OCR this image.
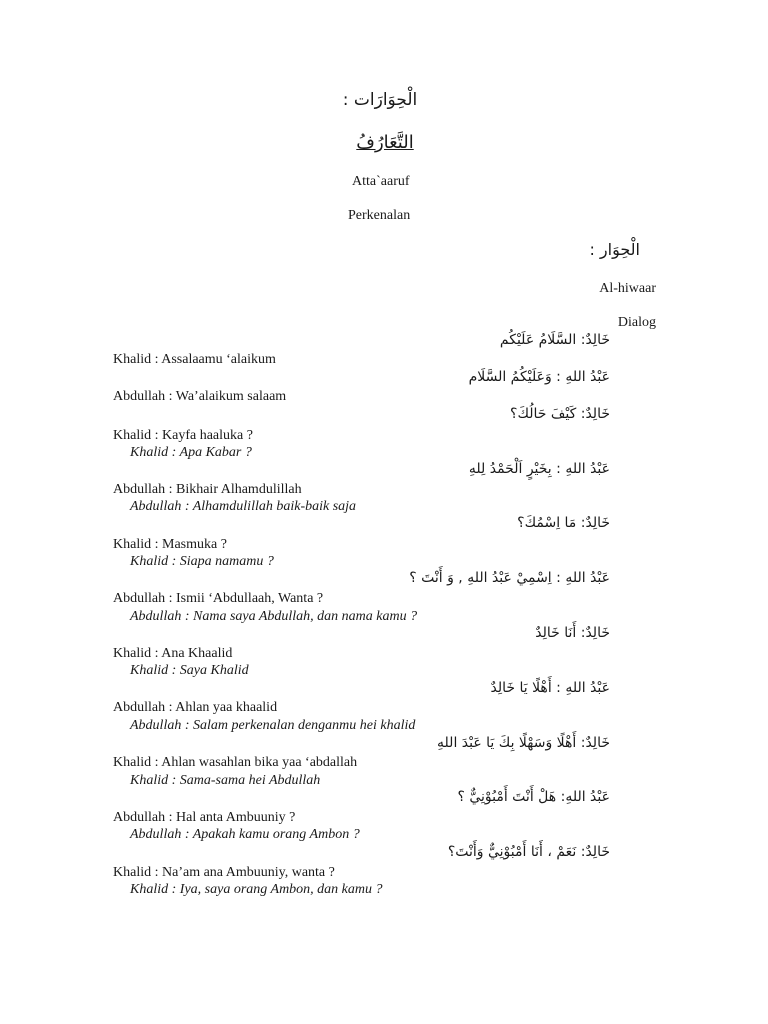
الْحِوَارَات :
التَّعَارُفُ
Atta`aaruf
Perkenalan
الْحِوَار :
Al-hiwaar
Dialog
خَالِدٌ: السَّلَامُ عَلَيْكُم
Khalid : Assalaamu ‘alaikum
عَبْدُ اللهِ : وَعَلَيْكُمُ السَّلَام
Abdullah : Wa’alaikum salaam
خَالِدٌ: كَيْفَ حَالُكَ؟
Khalid : Kayfa haaluka ?
Khalid : Apa Kabar ?
عَبْدُ اللهِ : بِخَيْرٍ اَلْحَمْدُ لِلهِ
Abdullah : Bikhair Alhamdulillah
Abdullah : Alhamdulillah baik-baik saja
خَالِدٌ: مَا اِسْمُكَ؟
Khalid : Masmuka ?
Khalid : Siapa namamu ?
عَبْدُ اللهِ : اِسْمِيْ عَبْدُ اللهِ , وَ أَنْتَ ؟
Abdullah : Ismii ‘Abdullaah, Wanta ?
Abdullah : Nama saya Abdullah, dan nama kamu ?
خَالِدٌ: أَنَا خَالِدٌ
Khalid : Ana Khaalid
Khalid : Saya Khalid
عَبْدُ اللهِ : أَهْلًا يَا خَالِدٌ
Abdullah : Ahlan yaa khaalid
Abdullah : Salam perkenalan denganmu hei khalid
خَالِدٌ: أَهْلًا وَسَهْلًا بِكَ يَا عَبْدَ اللهِ
Khalid : Ahlan wasahlan bika yaa ‘abdallah
Khalid : Sama-sama hei Abdullah
عَبْدُ اللهِ: هَلْ أَنْتَ أَمْبُوْنِيٌّ ؟
Abdullah : Hal anta Ambuuniy ?
Abdullah : Apakah kamu orang Ambon ?
خَالِدٌ: نَعَمْ ، أَنَا أَمْبُوْنِيٌّ وَأَنْتَ؟
Khalid : Na’am ana Ambuuniy, wanta ?
Khalid : Iya, saya orang Ambon, dan kamu ?
